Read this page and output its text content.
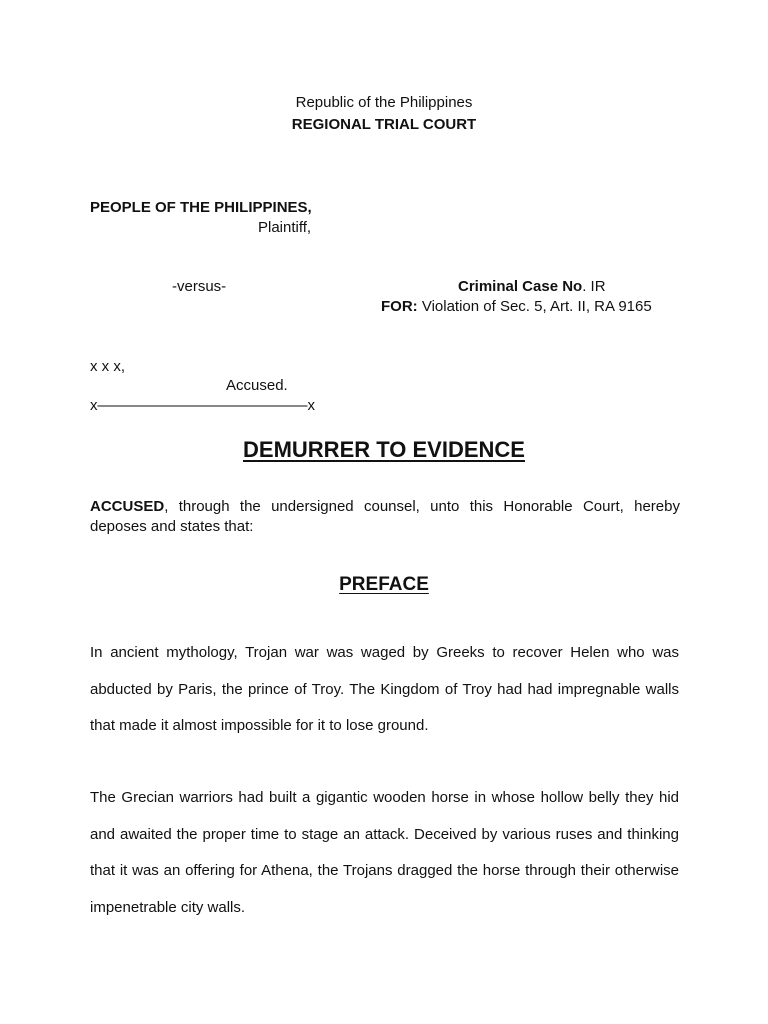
Republic of the Philippines
REGIONAL TRIAL COURT
PEOPLE OF THE PHILIPPINES,
Plaintiff,
-versus-	Criminal Case No. IR
FOR: Violation of Sec. 5, Art. II, RA 9165
x x x,
Accused.
x——————————————x
DEMURRER TO EVIDENCE
ACCUSED, through the undersigned counsel, unto this Honorable Court, hereby deposes and states that:
PREFACE
In ancient mythology, Trojan war was waged by Greeks to recover Helen who was abducted by Paris, the prince of Troy. The Kingdom of Troy had had impregnable walls that made it almost impossible for it to lose ground.
The Grecian warriors had built a gigantic wooden horse in whose hollow belly they hid and awaited the proper time to stage an attack. Deceived by various ruses and thinking that it was an offering for Athena, the Trojans dragged the horse through their otherwise impenetrable city walls.
